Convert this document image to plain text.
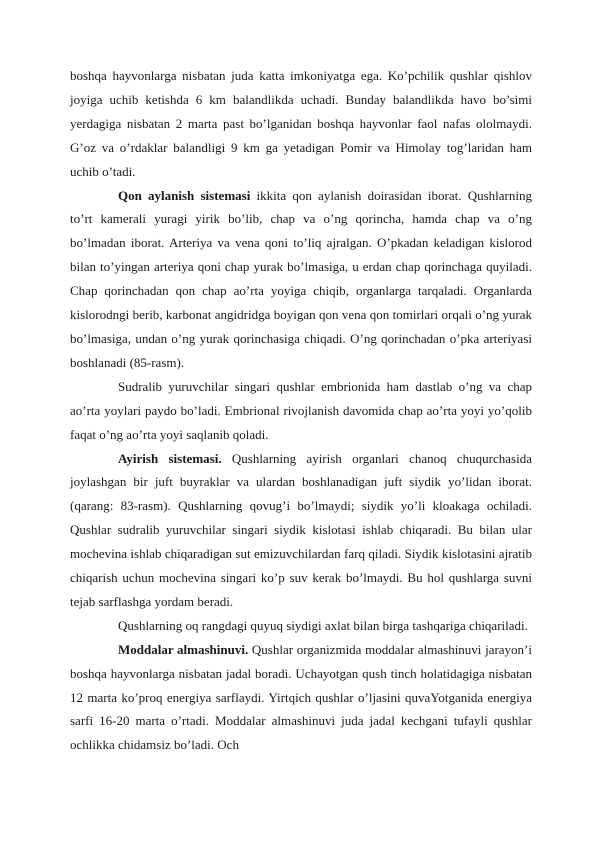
boshqa hayvonlarga nisbatan juda katta imkoniyatga ega. Ko’pchilik qushlar qishlov joyiga uchib ketishda 6 km balandlikda uchadi. Bunday balandlikda havo bo’simi yerdagiga nisbatan 2 marta past bo’lganidan boshqa hayvonlar faol nafas ololmaydi. G’oz va o’rdaklar balandligi 9 km ga yetadigan Pomir va Himolay tog’laridan ham uchib o’tadi.

Qon aylanish sistemasi ikkita qon aylanish doirasidan iborat. Qushlarning to’rt kamerali yuragi yirik bo’lib, chap va o’ng qorincha, hamda chap va o’ng bo’lmadan iborat. Arteriya va vena qoni to’liq ajralgan. O’pkadan keladigan kislorod bilan to’yingan arteriya qoni chap yurak bo’lmasiga, u erdan chap qorinchaga quyiladi. Chap qorinchadan qon chap ao’rta yoyiga chiqib, organlarga tarqaladi. Organlarda kislorodngi berib, karbonat angidridga boyigan qon vena qon tomirlari orqali o’ng yurak bo’lmasiga, undan o’ng yurak qorinchasiga chiqadi. O’ng qorinchadan o’pka arteriyasi boshlanadi (85-rasm).

Sudralib yuruvchilar singari qushlar embrionida ham dastlab o’ng va chap ao’rta yoylari paydo bo’ladi. Embrional rivojlanish davomida chap ao’rta yoyi yo’qolib faqat o’ng ao’rta yoyi saqlanib qoladi.

Ayirish sistemasi. Qushlarning ayirish organlari chanoq chuqurchasida joylashgan bir juft buyraklar va ulardan boshlanadigan juft siydik yo’lidan iborat. (qarang: 83-rasm). Qushlarning qovug’i bo’lmaydi; siydik yo’li kloakaga ochiladi. Qushlar sudralib yuruvchilar singari siydik kislotasi ishlab chiqaradi. Bu bilan ular mochevina ishlab chiqaradigan sut emizuvchilardan farq qiladi. Siydik kislotasini ajratib chiqarish uchun mochevina singari ko’p suv kerak bo’lmaydi. Bu hol qushlarga suvni tejab sarflashga yordam beradi.

Qushlarning oq rangdagi quyuq siydigi axlat bilan birga tashqariga chiqariladi.

Moddalar almashinuvi. Qushlar organizmida moddalar almashinuvi jarayon’i boshqa hayvonlarga nisbatan jadal boradi. Uchayotgan qush tinch holatidagiga nisbatan 12 marta ko’proq energiya sarflaydi. Yirtqich qushlar o’ljasini quvaYotganida energiya sarfi 16-20 marta o’rtadi. Moddalar almashinuvi juda jadal kechgani tufayli qushlar ochlikka chidamsiz bo’ladi. Och
